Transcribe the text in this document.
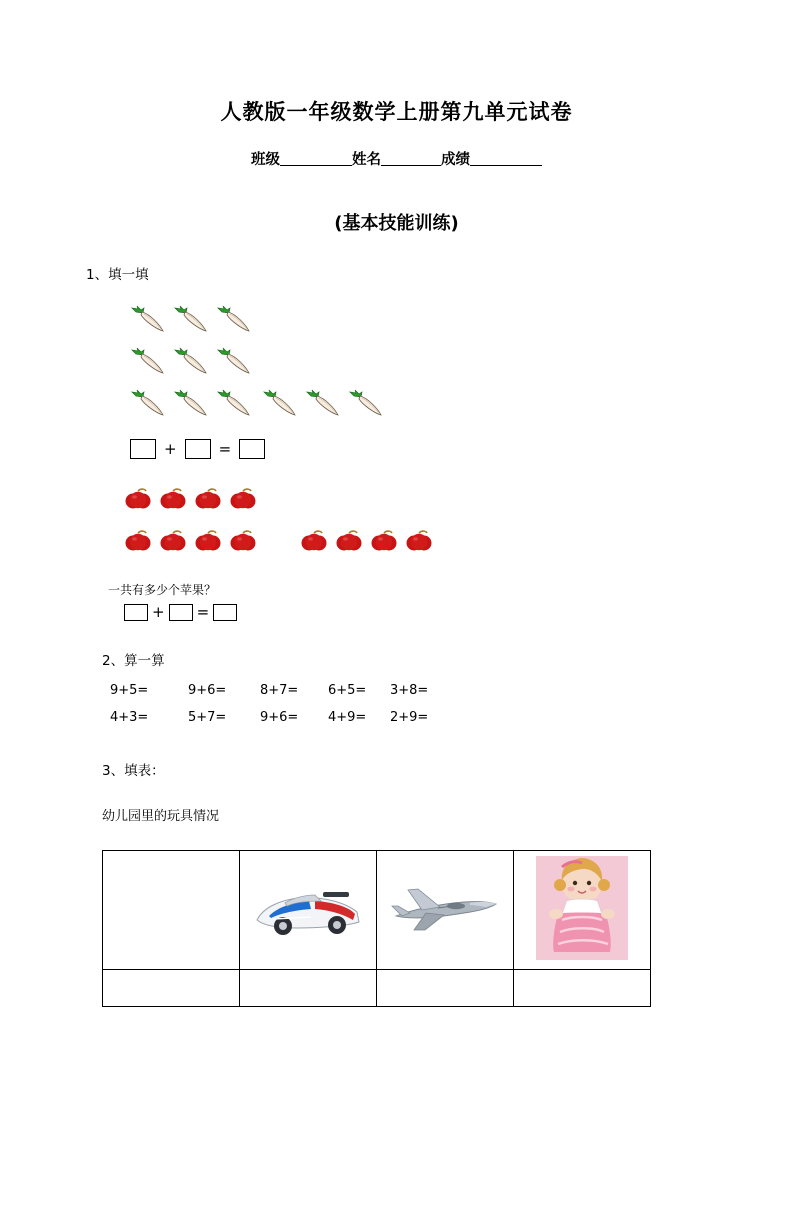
人教版一年级数学上册第九单元试卷
班级	姓名	成绩
(基本技能训练)
1、填一填
+	=
一共有多少个苹果？
+ =
2、算一算
9+5=	9+6=	8+7=	6+5=	3+8=
4+3=	5+7=	9+6=	4+9=	2+9=
3、填表：
幼儿园里的玩具情况
